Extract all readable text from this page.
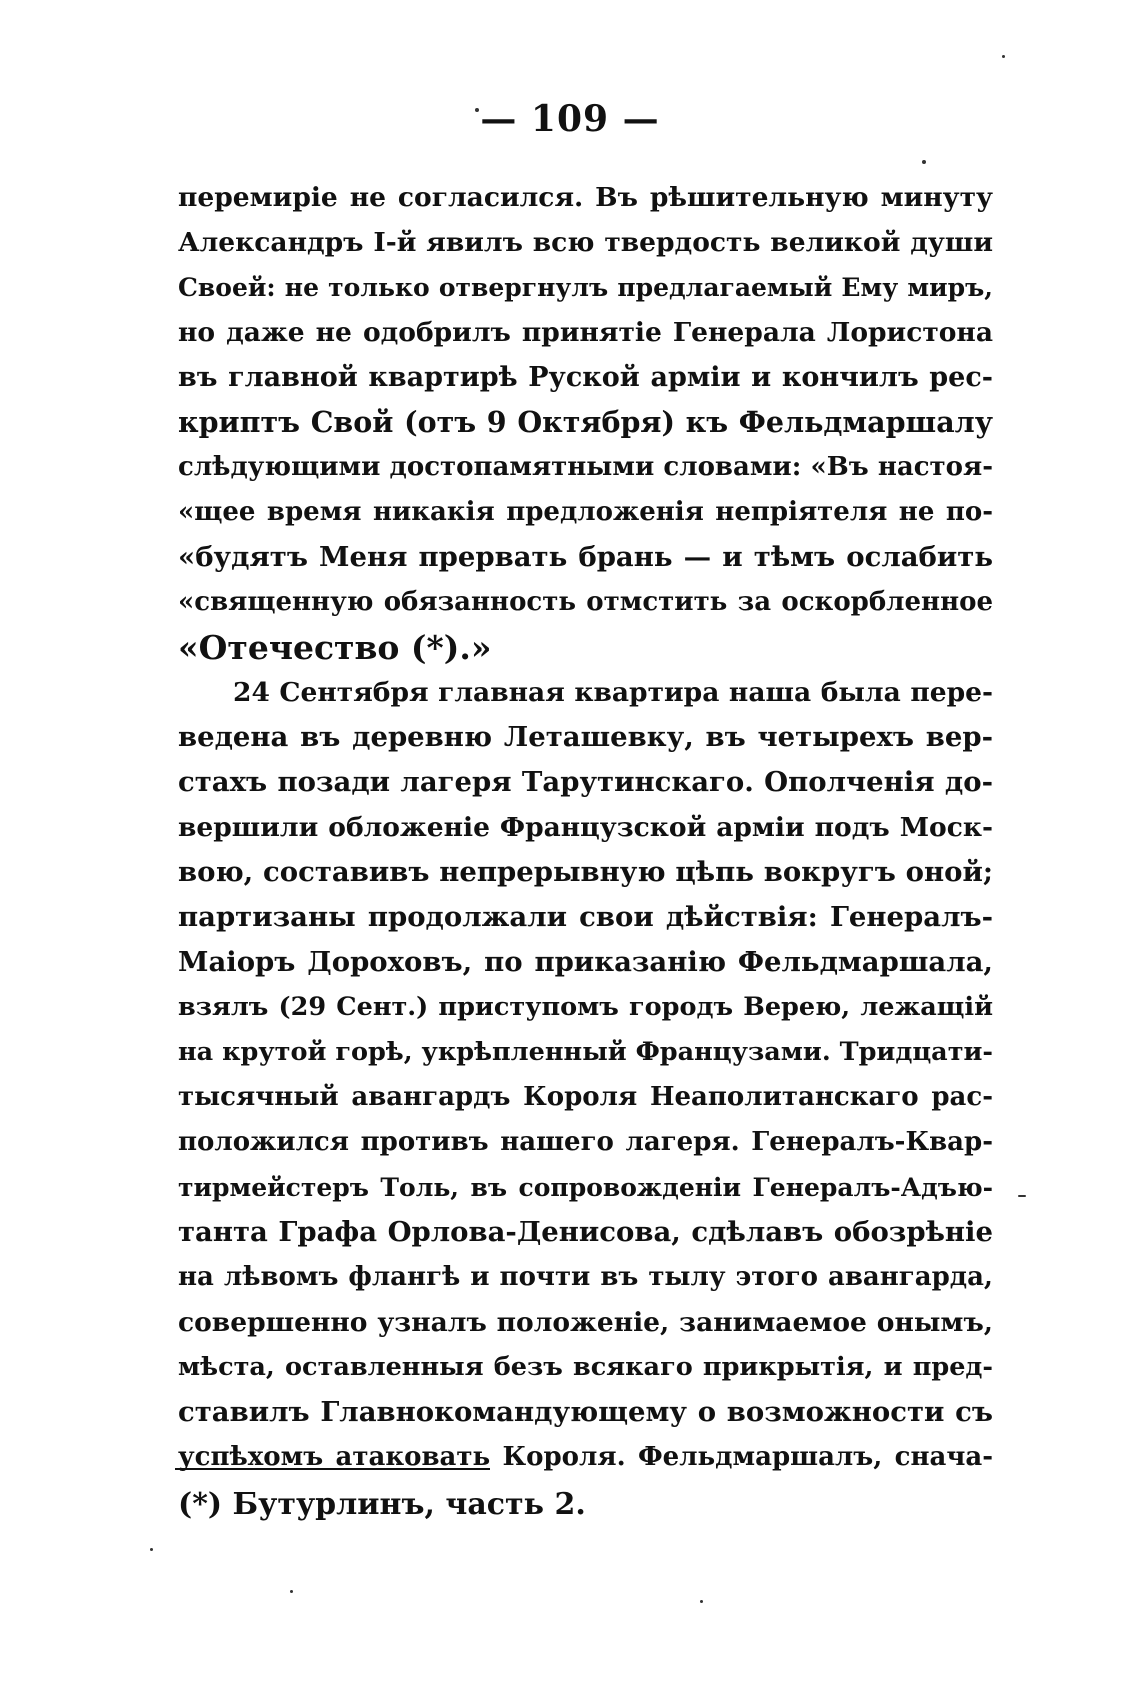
— 109 —
перемиріе не согласился. Въ рѣшительную минуту
Александръ I-й явилъ всю твердость великой души
Своей: не только отвергнулъ предлагаемый Ему миръ,
но даже не одобрилъ принятіе Генерала Лористона
въ главной квартирѣ Руской арміи и кончилъ рес-
криптъ Свой (отъ 9 Октября) къ Фельдмаршалу
слѣдующими достопамятными словами: «Въ настоя-
«щее время никакія предложенія непріятеля не по-
«будятъ Меня прервать брань — и тѣмъ ослабить
«священную обязанность отмстить за оскорбленное
«Отечество (*).»
24 Сентября главная квартира наша была пере-
ведена въ деревню Леташевку, въ четырехъ вер-
стахъ позади лагеря Тарутинскаго. Ополченія до-
вершили обложеніе Французской арміи подъ Моск-
вою, составивъ непрерывную цѣпь вокругъ оной;
партизаны продолжали свои дѣйствія: Генералъ-
Маіоръ Дороховъ, по приказанію Фельдмаршала,
взялъ (29 Сент.) приступомъ городъ Верею, лежащій
на крутой горѣ, укрѣпленный Французами. Тридцати-
тысячный авангардъ Короля Неаполитанскаго рас-
положился противъ нашего лагеря. Генералъ-Квар-
тирмейстеръ Толь, въ сопровожденіи Генералъ-Адъю-
танта Графа Орлова-Денисова, сдѣлавъ обозрѣніе
на лѣвомъ флангѣ и почти въ тылу этого авангарда,
совершенно узналъ положеніе, занимаемое онымъ,
мѣста, оставленныя безъ всякаго прикрытія, и пред-
ставилъ Главнокомандующему о возможности съ
успѣхомъ атаковать Короля. Фельдмаршалъ, снача-
(*) Бутурлинъ, часть 2.
